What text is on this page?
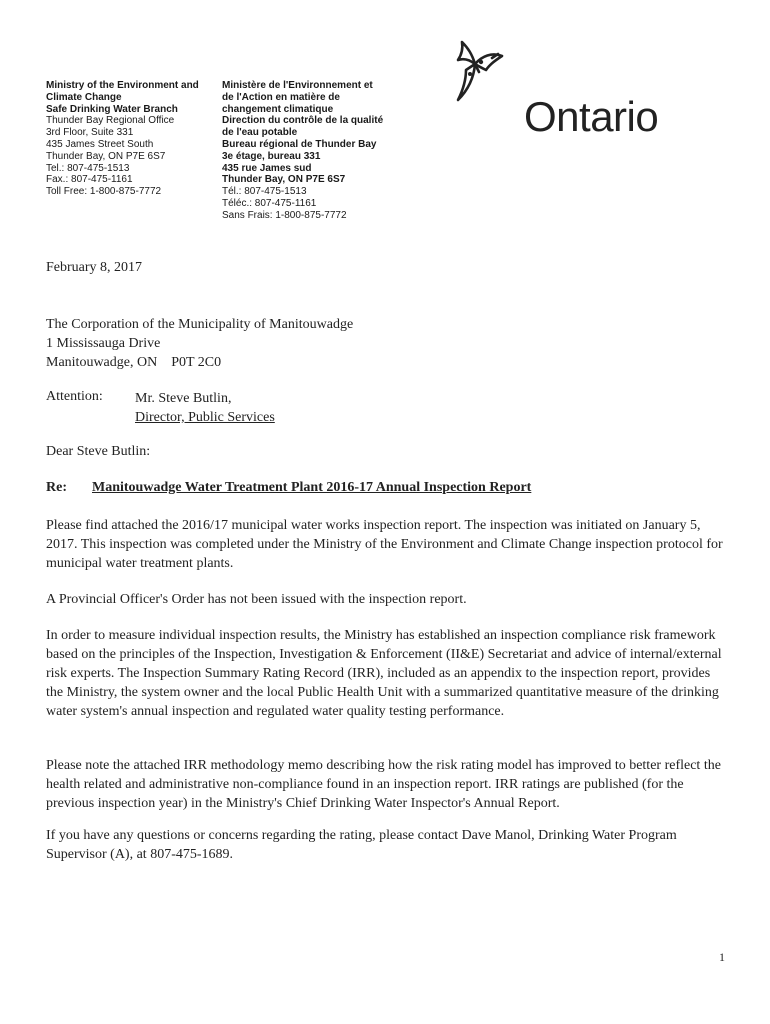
Ministry of the Environment and
Climate Change
Safe Drinking Water Branch
Thunder Bay Regional Office
3rd Floor, Suite 331
435 James Street South
Thunder Bay, ON P7E 6S7
Tel.: 807-475-1513
Fax.: 807-475-1161
Toll Free: 1-800-875-7772
Ministère de l'Environnement et
de l'Action en matière de
changement climatique
Direction du contrôle de la qualité
de l'eau potable
Bureau régional de Thunder Bay
3e étage, bureau 331
435 rue James sud
Thunder Bay, ON P7E 6S7
Tél.: 807-475-1513
Téléc.: 807-475-1161
Sans Frais: 1-800-875-7772
Ontario
February 8, 2017
The Corporation of the Municipality of Manitouwadge
1 Mississauga Drive
Manitouwadge, ON    P0T 2C0
Attention: Mr. Steve Butlin,
Director, Public Services
Dear Steve Butlin:
Re: Manitouwadge Water Treatment Plant 2016-17 Annual Inspection Report

Please find attached the 2016/17 municipal water works inspection report. The inspection was initiated on January 5, 2017. This inspection was completed under the Ministry of the Environment and Climate Change inspection protocol for municipal water treatment plants.

A Provincial Officer's Order has not been issued with the inspection report.

In order to measure individual inspection results, the Ministry has established an inspection compliance risk framework based on the principles of the Inspection, Investigation & Enforcement (II&E) Secretariat and advice of internal/external risk experts. The Inspection Summary Rating Record (IRR), included as an appendix to the inspection report, provides the Ministry, the system owner and the local Public Health Unit with a summarized quantitative measure of the drinking water system's annual inspection and regulated water quality testing performance.

Please note the attached IRR methodology memo describing how the risk rating model has improved to better reflect the health related and administrative non-compliance found in an inspection report. IRR ratings are published (for the previous inspection year) in the Ministry's Chief Drinking Water Inspector's Annual Report.

If you have any questions or concerns regarding the rating, please contact Dave Manol, Drinking Water Program Supervisor (A), at 807-475-1689.

1
